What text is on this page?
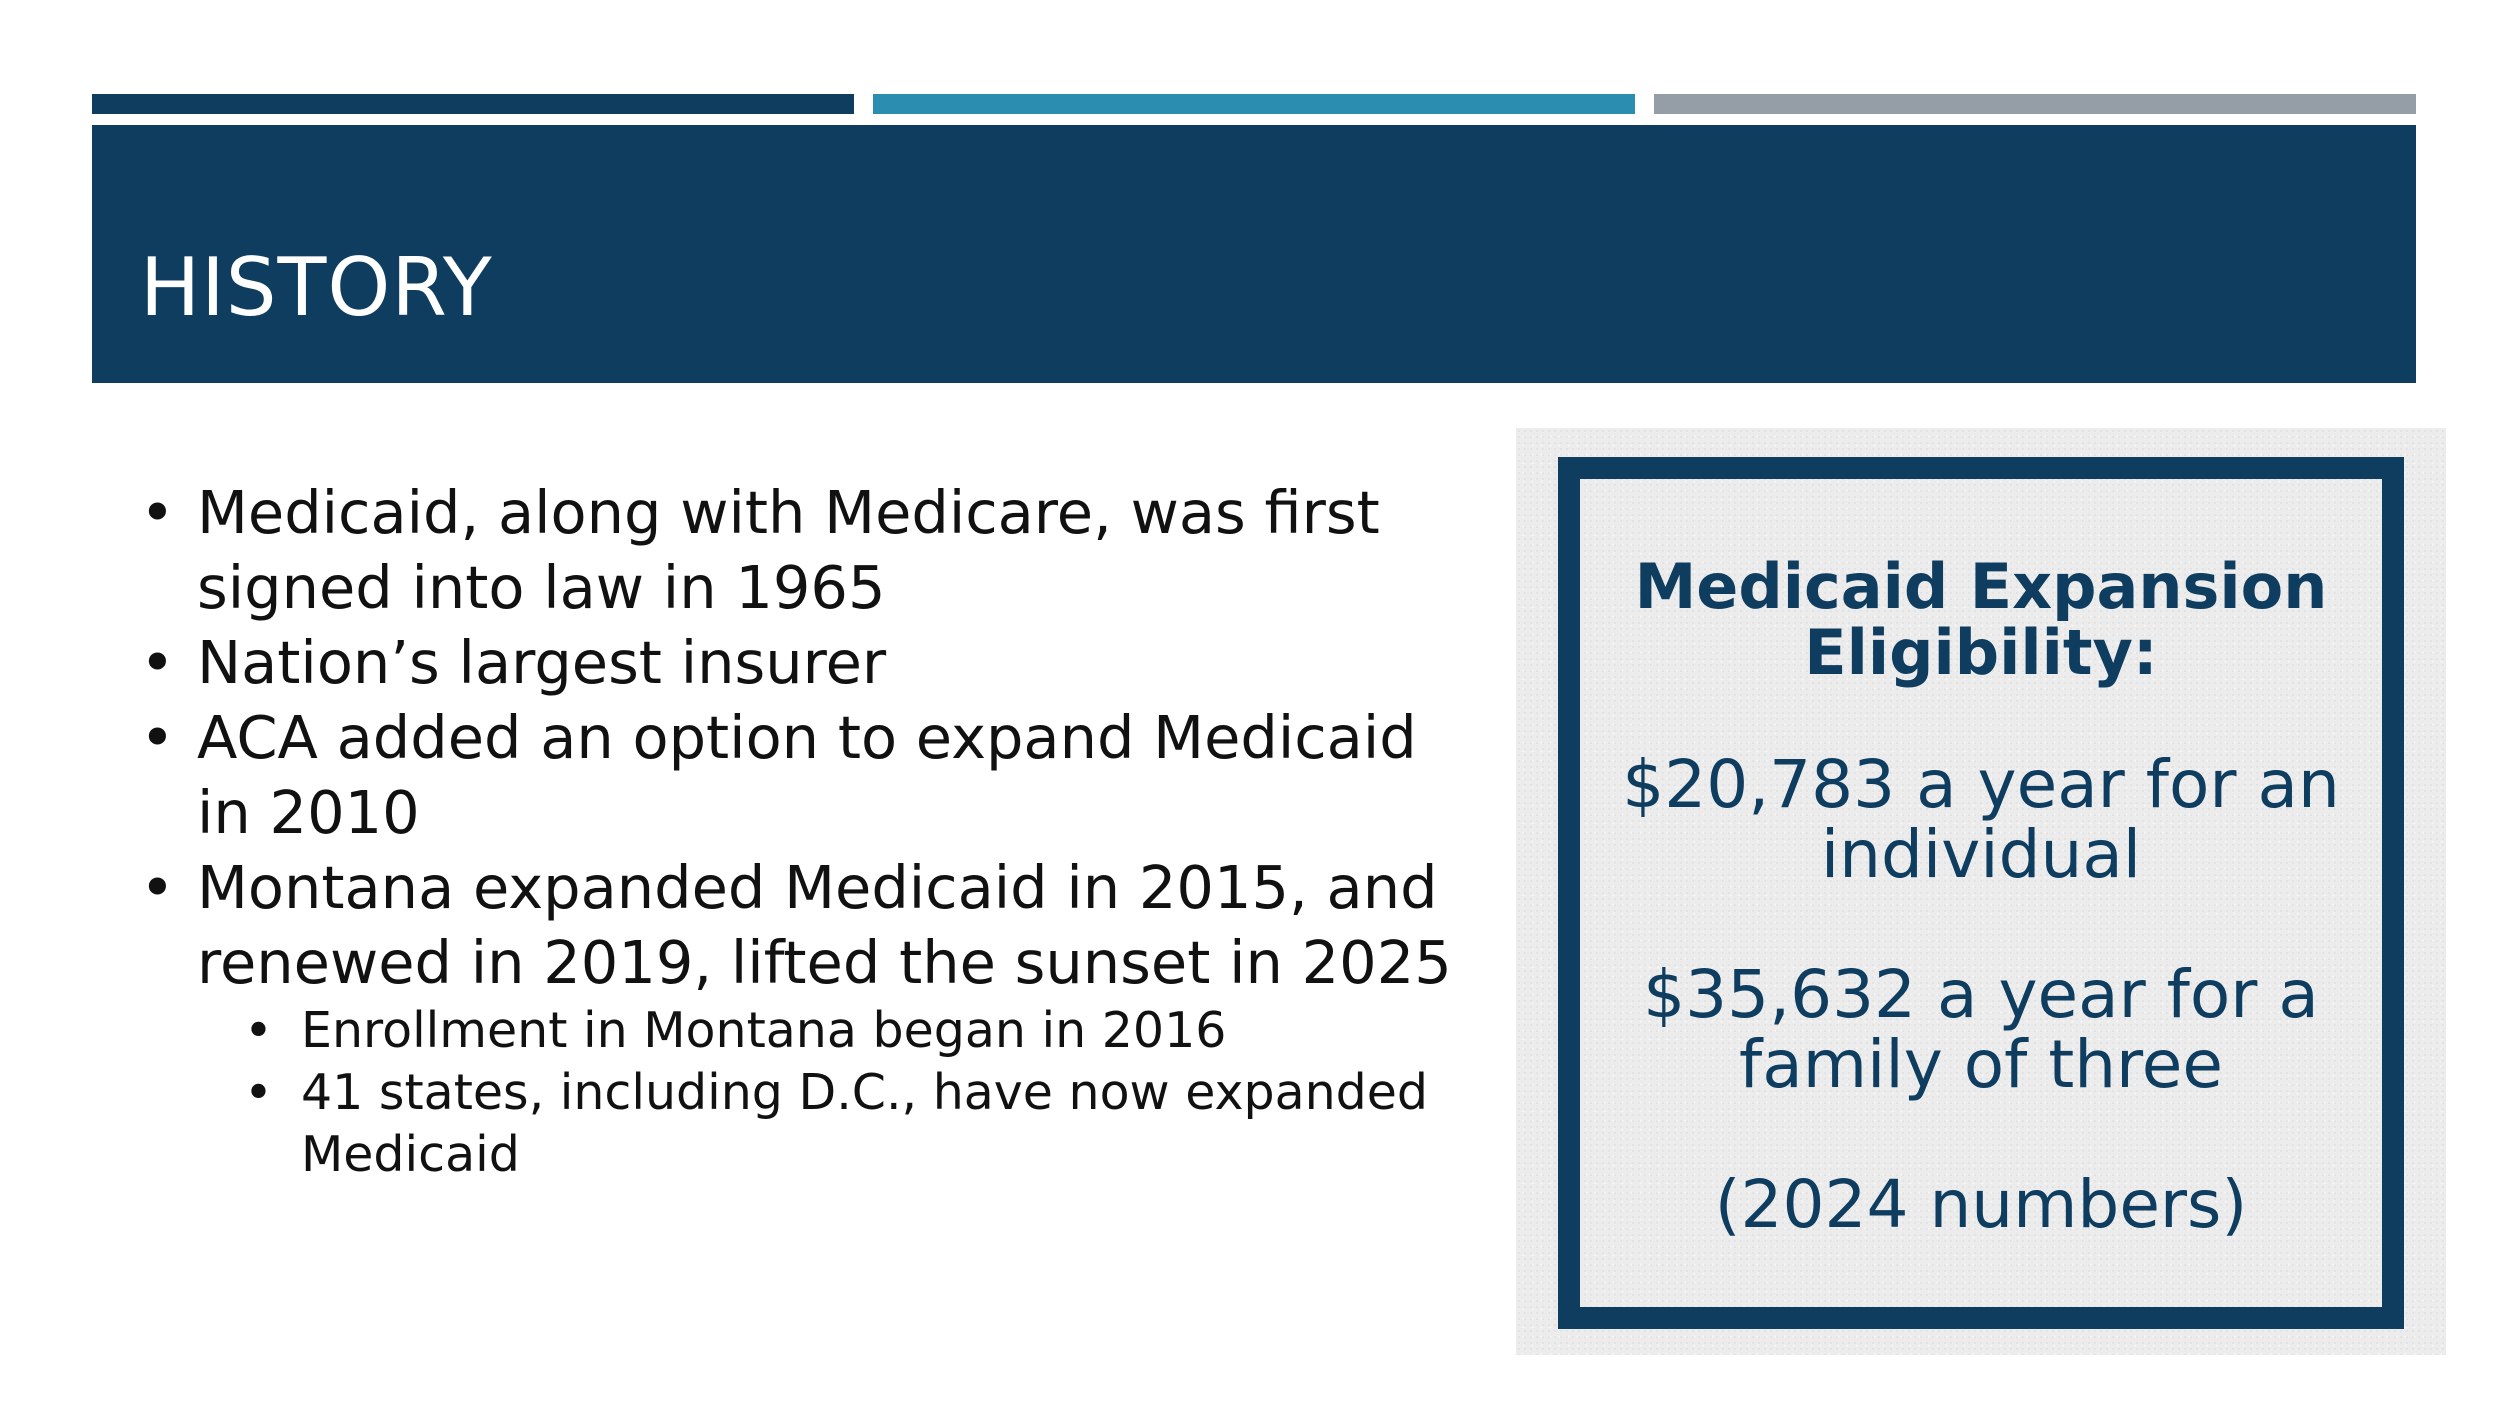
HISTORY
• Medicaid, along with Medicare, was first signed into law in 1965
• Nation’s largest insurer
• ACA added an option to expand Medicaid in 2010
• Montana expanded Medicaid in 2015, and renewed in 2019, lifted the sunset in 2025
• Enrollment in Montana began in 2016
• 41 states, including D.C., have now expanded Medicaid
Medicaid Expansion Eligibility:
$20,783 a year for an individual
$35,632 a year for a family of three
(2024 numbers)
